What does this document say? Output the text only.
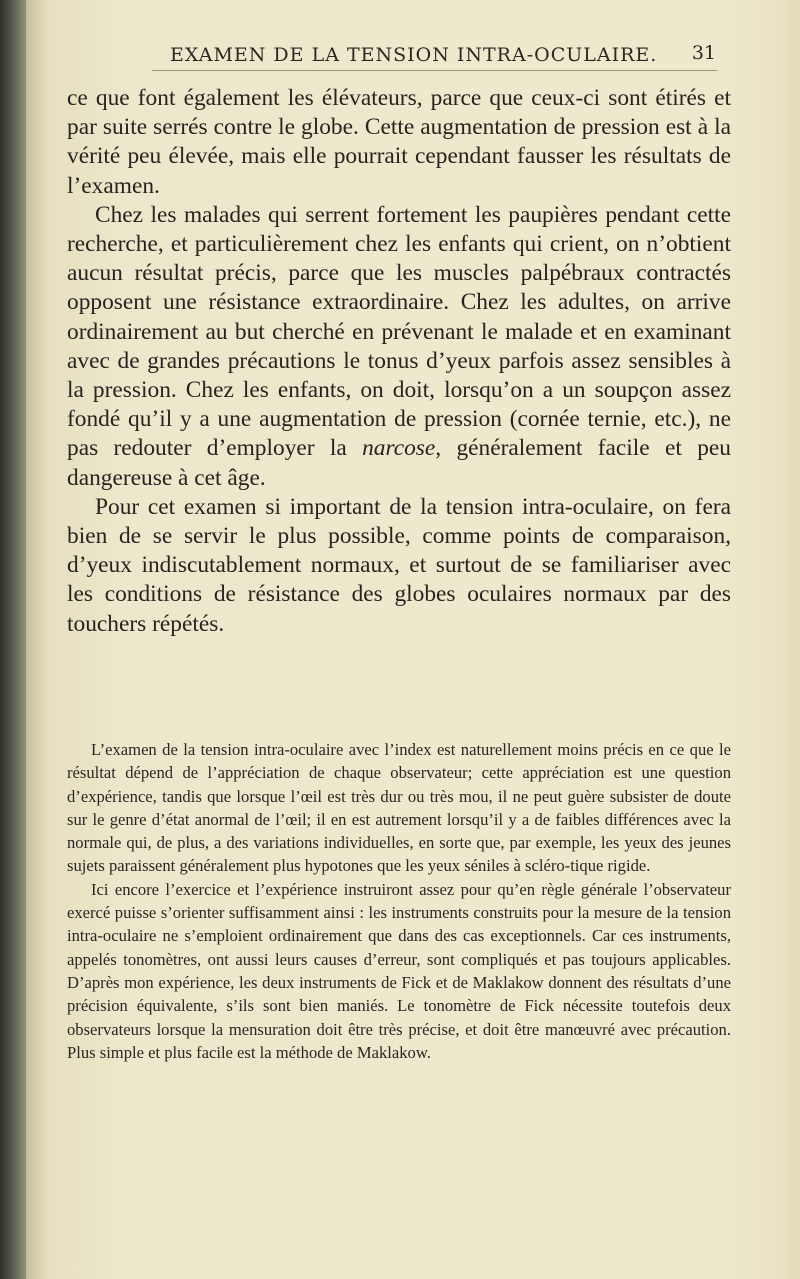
EXAMEN DE LA TENSION INTRA-OCULAIRE. 31

ce que font également les élévateurs, parce que ceux-ci sont étirés et par suite serrés contre le globe. Cette augmentation de pression est à la vérité peu élevée, mais elle pourrait cependant fausser les résultats de l’examen.

Chez les malades qui serrent fortement les paupières pendant cette recherche, et particulièrement chez les enfants qui crient, on n’obtient aucun résultat précis, parce que les muscles palpébraux contractés opposent une résistance extraordinaire. Chez les adultes, on arrive ordinairement au but cherché en prévenant le malade et en examinant avec de grandes précautions le tonus d’yeux parfois assez sensibles à la pression. Chez les enfants, on doit, lorsqu’on a un soupçon assez fondé qu’il y a une augmentation de pression (cornée ternie, etc.), ne pas redouter d’employer la narcose, généralement facile et peu dangereuse à cet âge.

Pour cet examen si important de la tension intra-oculaire, on fera bien de se servir le plus possible, comme points de comparaison, d’yeux indiscutablement normaux, et surtout de se familiariser avec les conditions de résistance des globes oculaires normaux par des touchers répétés.

L’examen de la tension intra-oculaire avec l’index est naturellement moins précis en ce que le résultat dépend de l’appréciation de chaque observateur; cette appréciation est une question d’expérience, tandis que lorsque l’œil est très dur ou très mou, il ne peut guère subsister de doute sur le genre d’état anormal de l’œil; il en est autrement lorsqu’il y a de faibles différences avec la normale qui, de plus, a des variations individuelles, en sorte que, par exemple, les yeux des jeunes sujets paraissent généralement plus hypotones que les yeux séniles à scléro-tique rigide.

Ici encore l’exercice et l’expérience instruiront assez pour qu’en règle générale l’observateur exercé puisse s’orienter suffisamment ainsi : les instruments construits pour la mesure de la tension intra-oculaire ne s’emploient ordinairement que dans des cas exceptionnels. Car ces instruments, appelés tonomètres, ont aussi leurs causes d’erreur, sont compliqués et pas toujours applicables. D’après mon expérience, les deux instruments de Fick et de Maklakow donnent des résultats d’une précision équivalente, s’ils sont bien maniés. Le tonomètre de Fick nécessite toutefois deux observateurs lorsque la mensuration doit être très précise, et doit être manœuvré avec précaution. Plus simple et plus facile est la méthode de Maklakow.
